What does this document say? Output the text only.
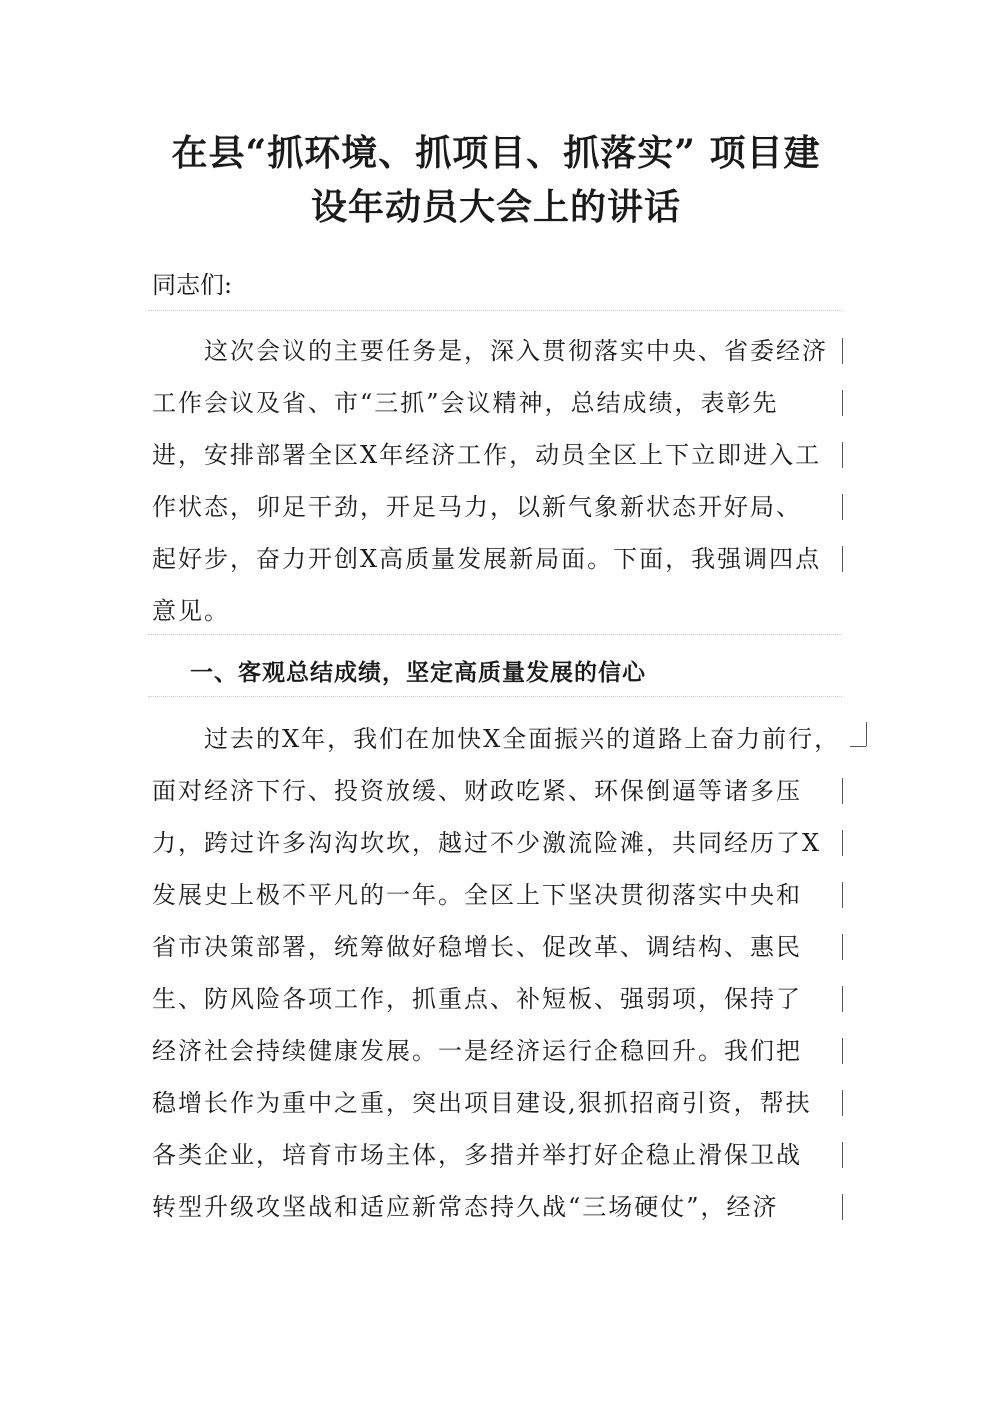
在县“抓环境、抓项目、抓落实” 项目建
设年动员大会上的讲话
同志们:
　　这次会议的主要任务是，深入贯彻落实中央、省委经济
工作会议及省、市“三抓”会议精神，总结成绩，表彰先
进，安排部署全区X年经济工作，动员全区上下立即进入工
作状态，卯足干劲，开足马力，以新气象新状态开好局、
起好步，奋力开创X高质量发展新局面。下面，我强调四点
意见。
一、客观总结成绩，坚定高质量发展的信心
　　过去的X年，我们在加快X全面振兴的道路上奋力前行，
面对经济下行、投资放缓、财政吃紧、环保倒逼等诸多压
力，跨过许多沟沟坎坎，越过不少激流险滩，共同经历了X
发展史上极不平凡的一年。全区上下坚决贯彻落实中央和
省市决策部署，统筹做好稳增长、促改革、调结构、惠民
生、防风险各项工作，抓重点、补短板、强弱项，保持了
经济社会持续健康发展。一是经济运行企稳回升。我们把
稳增长作为重中之重，突出项目建设,狠抓招商引资，帮扶
各类企业，培育市场主体，多措并举打好企稳止滑保卫战
转型升级攻坚战和适应新常态持久战“三场硬仗”，经济
